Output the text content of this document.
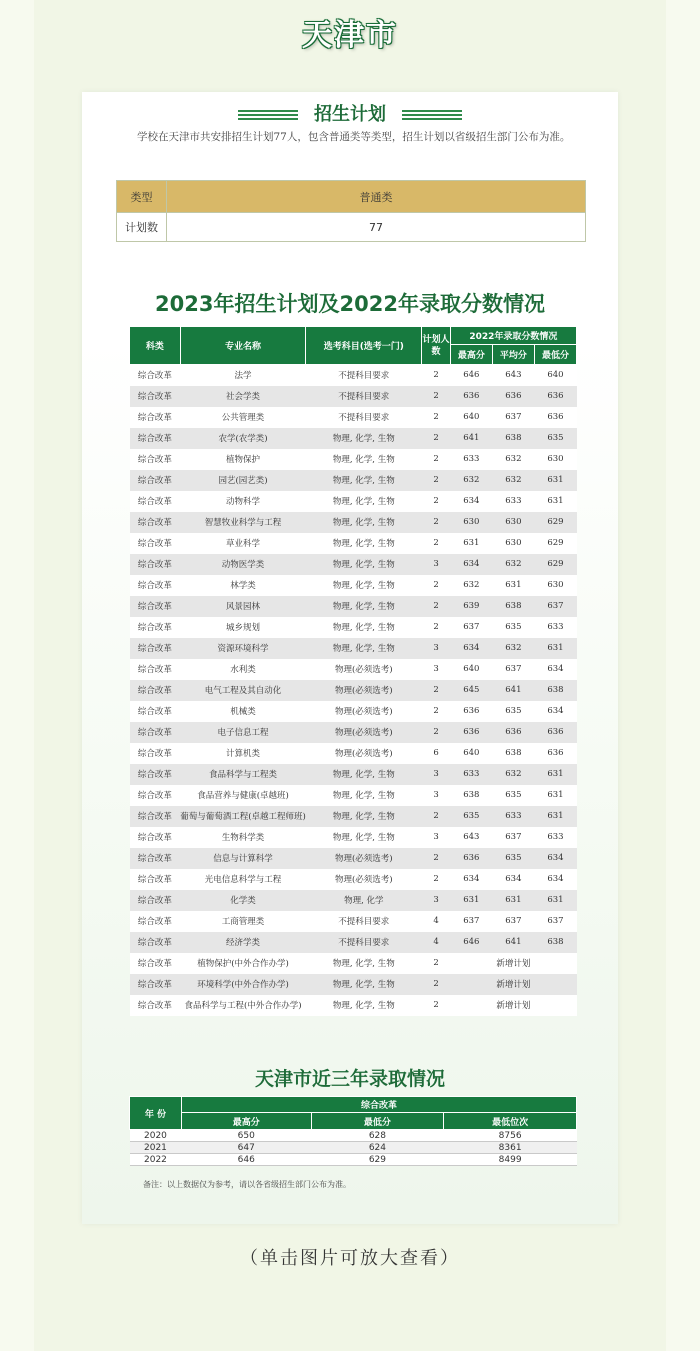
天津市
招生计划

学校在天津市共安排招生计划77人，包含普通类等类型，招生计划以省级招生部门公布为准。

类型	普通类
计划数	77
2023年招生计划及2022年录取分数情况
科类	专业名称	选考科目(选考一门)	计划人数	2022年录取分数情况		
				最高分	平均分	最低分
综合改革	法学	不提科目要求	2	646	643	640
综合改革	社会学类	不提科目要求	2	636	636	636
综合改革	公共管理类	不提科目要求	2	640	637	636
综合改革	农学(农学类)	物理, 化学, 生物	2	641	638	635
综合改革	植物保护	物理, 化学, 生物	2	633	632	630
综合改革	园艺(园艺类)	物理, 化学, 生物	2	632	632	631
综合改革	动物科学	物理, 化学, 生物	2	634	633	631
综合改革	智慧牧业科学与工程	物理, 化学, 生物	2	630	630	629
综合改革	草业科学	物理, 化学, 生物	2	631	630	629
综合改革	动物医学类	物理, 化学, 生物	3	634	632	629
综合改革	林学类	物理, 化学, 生物	2	632	631	630
综合改革	风景园林	物理, 化学, 生物	2	639	638	637
综合改革	城乡规划	物理, 化学, 生物	2	637	635	633
综合改革	资源环境科学	物理, 化学, 生物	3	634	632	631
综合改革	水利类	物理(必须选考)	3	640	637	634
综合改革	电气工程及其自动化	物理(必须选考)	2	645	641	638
综合改革	机械类	物理(必须选考)	2	636	635	634
综合改革	电子信息工程	物理(必须选考)	2	636	636	636
综合改革	计算机类	物理(必须选考)	6	640	638	636
综合改革	食品科学与工程类	物理, 化学, 生物	3	633	632	631
综合改革	食品营养与健康(卓越班)	物理, 化学, 生物	3	638	635	631
综合改革	葡萄与葡萄酒工程(卓越工程师班)	物理, 化学, 生物	2	635	633	631
综合改革	生物科学类	物理, 化学, 生物	3	643	637	633
综合改革	信息与计算科学	物理(必须选考)	2	636	635	634
综合改革	光电信息科学与工程	物理(必须选考)	2	634	634	634
综合改革	化学类	物理, 化学	3	631	631	631
综合改革	工商管理类	不提科目要求	4	637	637	637
综合改革	经济学类	不提科目要求	4	646	641	638
综合改革	植物保护(中外合作办学)	物理, 化学, 生物	2	新增计划		
综合改革	环境科学(中外合作办学)	物理, 化学, 生物	2	新增计划		
综合改革	食品科学与工程(中外合作办学)	物理, 化学, 生物	2	新增计划		
天津市近三年录取情况
年 份	综合改革		
	最高分	最低分	最低位次
2020	650	628	8756
2021	647	624	8361
2022	646	629	8499
备注：以上数据仅为参考，请以各省级招生部门公布为准。
（单击图片可放大查看）
